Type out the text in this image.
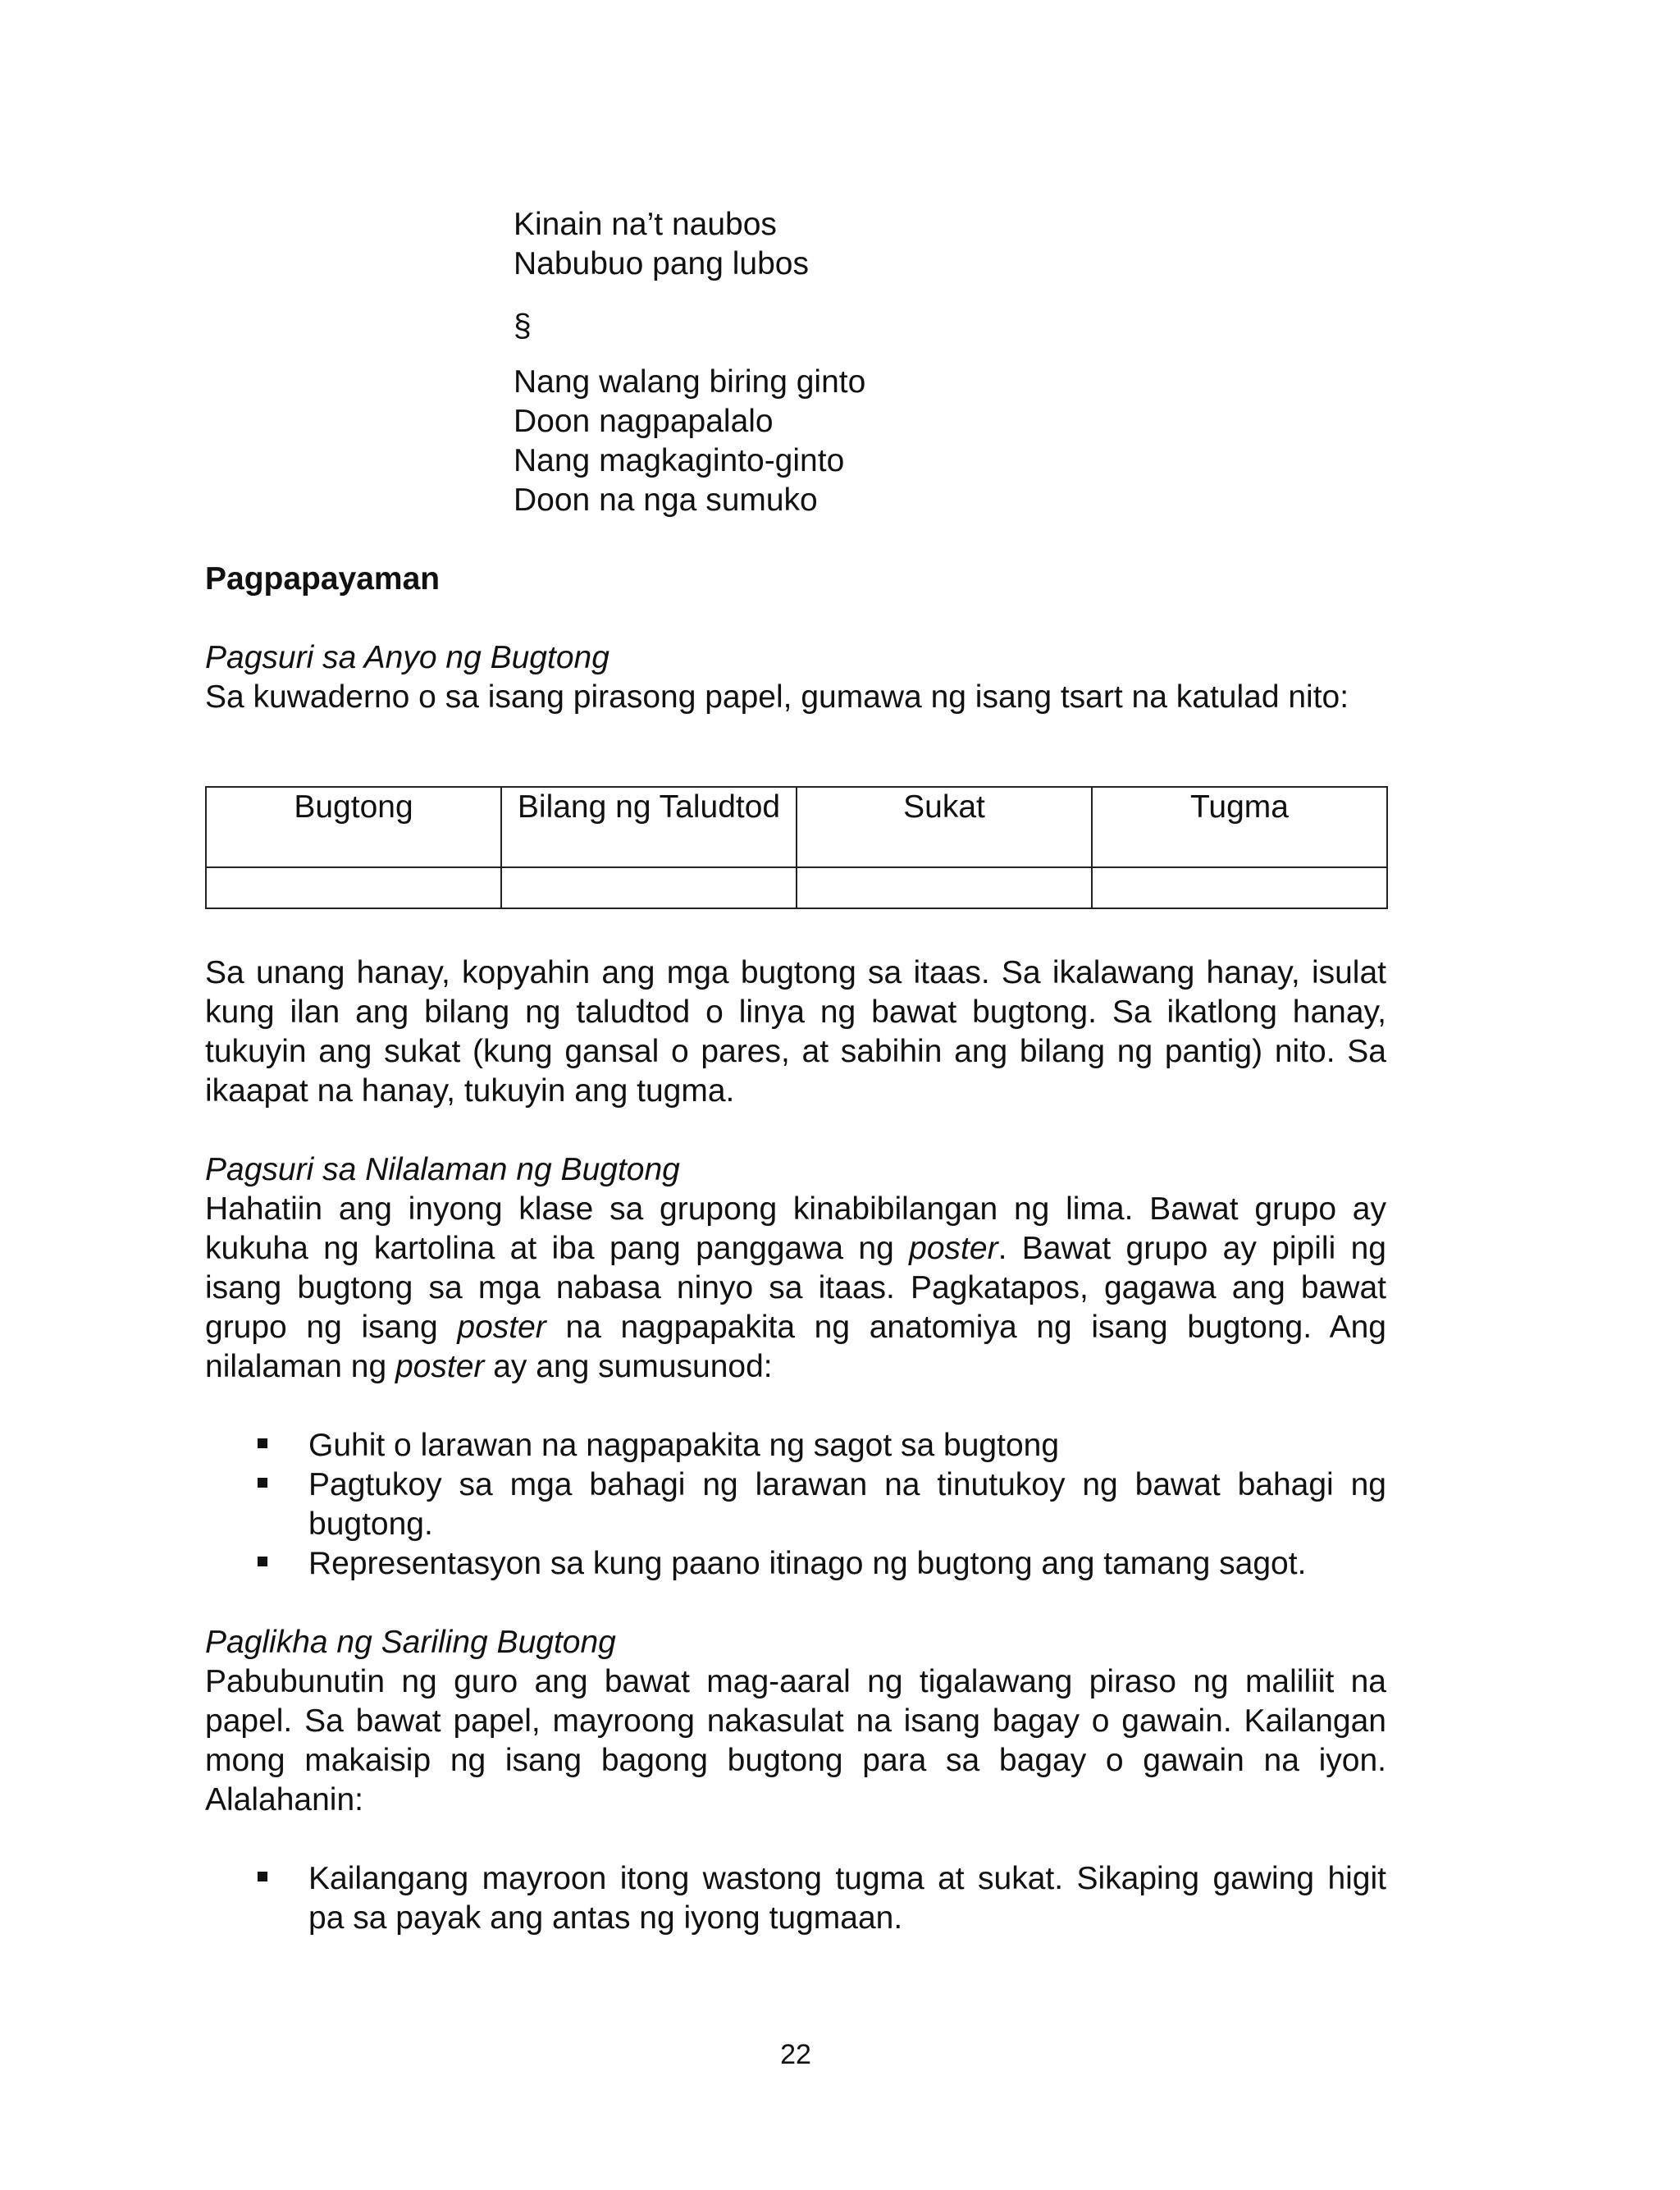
Kinain na’t naubos
Nabubuo pang lubos
§
Nang walang biring ginto
Doon nagpapalalo
Nang magkaginto-ginto
Doon na nga sumuko
Pagpapayaman
Pagsuri sa Anyo ng Bugtong
Sa kuwaderno o sa isang pirasong papel, gumawa ng isang tsart na katulad nito:
Bugtong	Bilang ng Taludtod	Sukat	Tugma

Sa unang hanay, kopyahin ang mga bugtong sa itaas. Sa ikalawang hanay, isulat kung ilan ang bilang ng taludtod o linya ng bawat bugtong. Sa ikatlong hanay, tukuyin ang sukat (kung gansal o pares, at sabihin ang bilang ng pantig) nito. Sa ikaapat na hanay, tukuyin ang tugma.
Pagsuri sa Nilalaman ng Bugtong
Hahatiin ang inyong klase sa grupong kinabibilangan ng lima. Bawat grupo ay kukuha ng kartolina at iba pang panggawa ng poster. Bawat grupo ay pipili ng isang bugtong sa mga nabasa ninyo sa itaas. Pagkatapos, gagawa ang bawat grupo ng isang poster na nagpapakita ng anatomiya ng isang bugtong. Ang nilalaman ng poster ay ang sumusunod:
Guhit o larawan na nagpapakita ng sagot sa bugtong
Pagtukoy sa mga bahagi ng larawan na tinutukoy ng bawat bahagi ng bugtong.
Representasyon sa kung paano itinago ng bugtong ang tamang sagot.
Paglikha ng Sariling Bugtong
Pabubunutin ng guro ang bawat mag-aaral ng tigalawang piraso ng maliliit na papel. Sa bawat papel, mayroong nakasulat na isang bagay o gawain. Kailangan mong makaisip ng isang bagong bugtong para sa bagay o gawain na iyon. Alalahanin:
Kailangang mayroon itong wastong tugma at sukat. Sikaping gawing higit pa sa payak ang antas ng iyong tugmaan.
22
